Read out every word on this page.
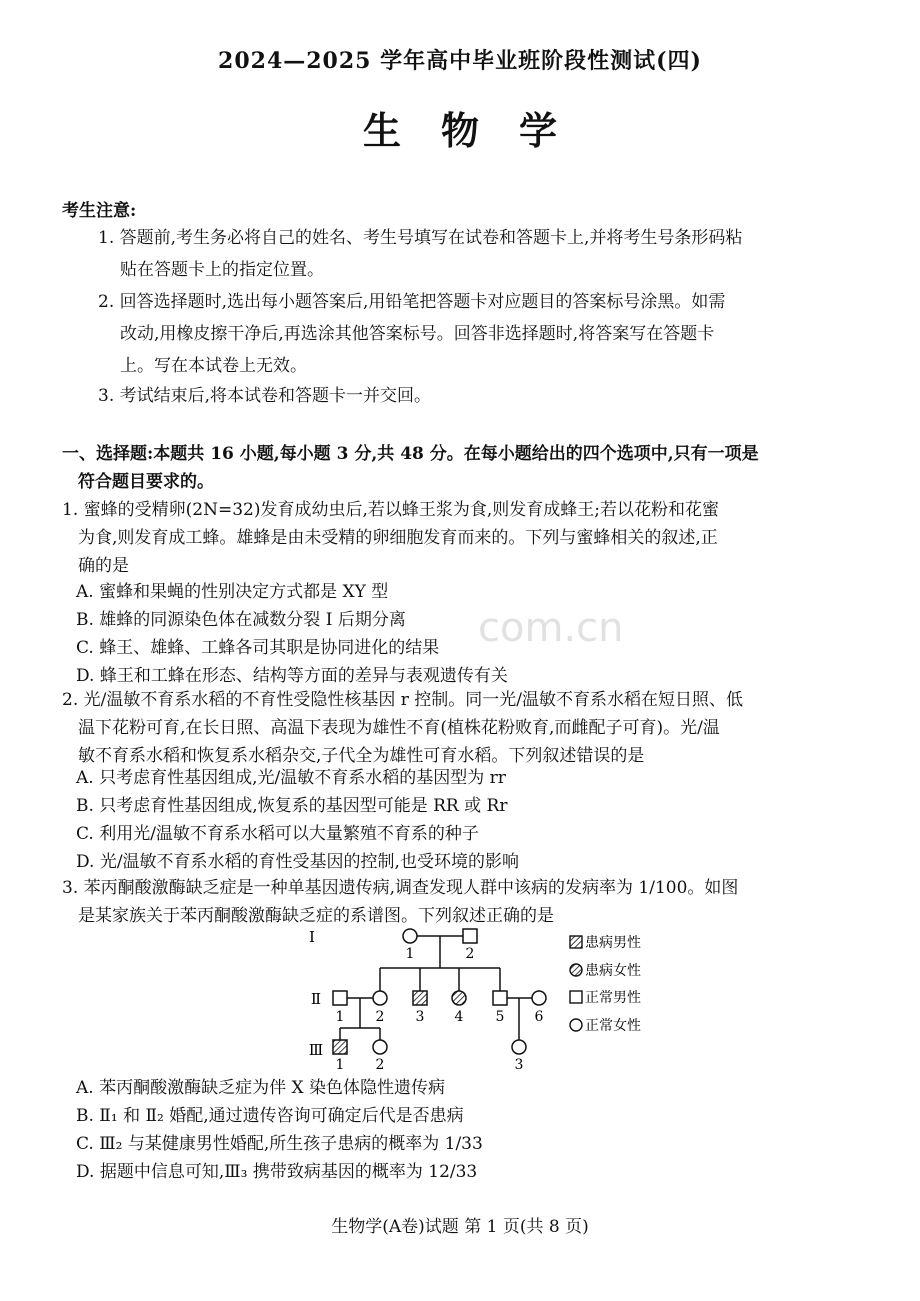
2024—2025 学年高中毕业班阶段性测试(四)
生物学
考生注意:
1. 答题前,考生务必将自己的姓名、考生号填写在试卷和答题卡上,并将考生号条形码粘
贴在答题卡上的指定位置。
2. 回答选择题时,选出每小题答案后,用铅笔把答题卡对应题目的答案标号涂黑。如需
改动,用橡皮擦干净后,再选涂其他答案标号。回答非选择题时,将答案写在答题卡
上。写在本试卷上无效。
3. 考试结束后,将本试卷和答题卡一并交回。
一、选择题:本题共 16 小题,每小题 3 分,共 48 分。在每小题给出的四个选项中,只有一项是
符合题目要求的。
1. 蜜蜂的受精卵(2N=32)发育成幼虫后,若以蜂王浆为食,则发育成蜂王;若以花粉和花蜜
为食,则发育成工蜂。雄蜂是由未受精的卵细胞发育而来的。下列与蜜蜂相关的叙述,正
确的是
A. 蜜蜂和果蝇的性别决定方式都是 XY 型
B. 雄蜂的同源染色体在减数分裂 Ⅰ 后期分离
C. 蜂王、雄蜂、工蜂各司其职是协同进化的结果
D. 蜂王和工蜂在形态、结构等方面的差异与表观遗传有关
2. 光/温敏不育系水稻的不育性受隐性核基因 r 控制。同一光/温敏不育系水稻在短日照、低
温下花粉可育,在长日照、高温下表现为雄性不育(植株花粉败育,而雌配子可育)。光/温
敏不育系水稻和恢复系水稻杂交,子代全为雄性可育水稻。下列叙述错误的是
A. 只考虑育性基因组成,光/温敏不育系水稻的基因型为 rr
B. 只考虑育性基因组成,恢复系的基因型可能是 RR 或 Rr
C. 利用光/温敏不育系水稻可以大量繁殖不育系的种子
D. 光/温敏不育系水稻的育性受基因的控制,也受环境的影响
3. 苯丙酮酸激酶缺乏症是一种单基因遗传病,调查发现人群中该病的发病率为 1/100。如图
是某家族关于苯丙酮酸激酶缺乏症的系谱图。下列叙述正确的是
Ⅰ
Ⅱ
Ⅲ
1	2
1 2 3 4 5 6
1 2	3
患病男性
患病女性
正常男性
正常女性
A. 苯丙酮酸激酶缺乏症为伴 X 染色体隐性遗传病
B. Ⅱ₁ 和 Ⅱ₂ 婚配,通过遗传咨询可确定后代是否患病
C. Ⅲ₂ 与某健康男性婚配,所生孩子患病的概率为 1/33
D. 据题中信息可知,Ⅲ₃ 携带致病基因的概率为 12/33
com.cn
生物学(A卷)试题 第 1 页(共 8 页)
